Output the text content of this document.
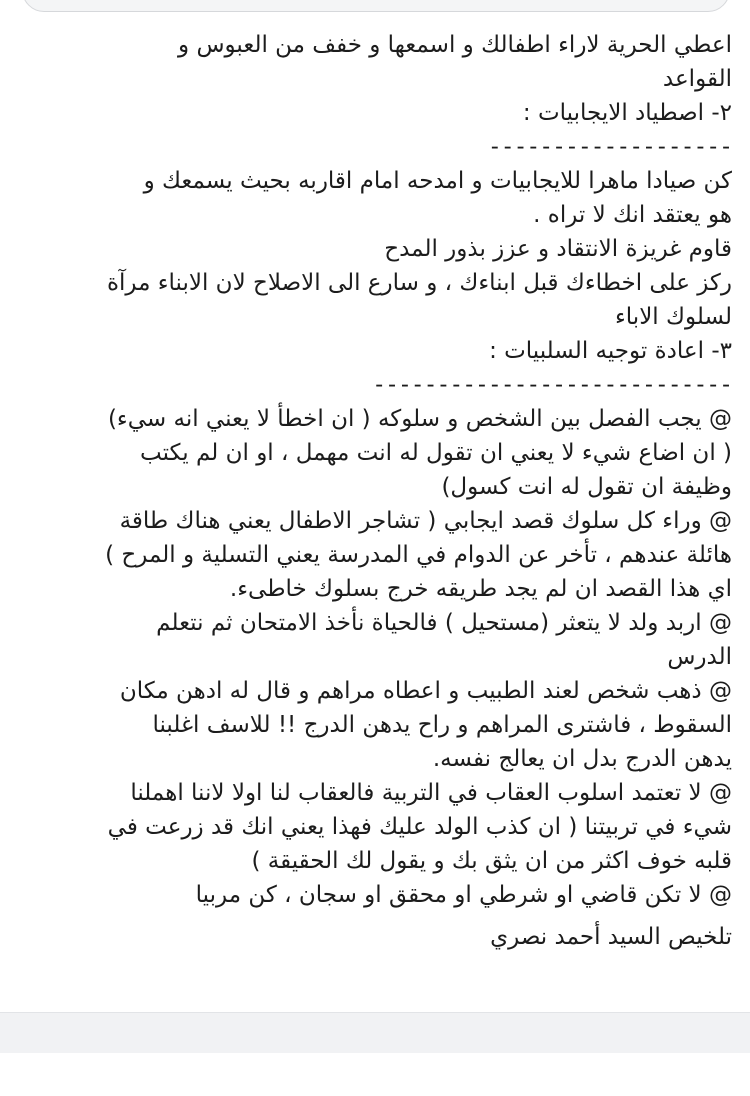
اعطي الحرية لاراء اطفالك و اسمعها و خفف من العبوس و
القواعد
٢- اصطياد الايجابيات :
-------------------
كن صيادا ماهرا للايجابيات و امدحه امام اقاربه بحيث يسمعك و
هو يعتقد انك لا تراه .
قاوم غريزة الانتقاد و عزز بذور المدح
ركز على اخطاءك قبل ابناءك ، و سارع الى الاصلاح لان الابناء مرآة
لسلوك الاباء
٣- اعادة توجيه السلبيات :
----------------------------
@ يجب الفصل بين الشخص و سلوكه ( ان اخطأ لا يعني انه سيء)
( ان اضاع شيء لا يعني ان تقول له انت مهمل ، او ان لم يكتب
وظيفة ان تقول له انت كسول)
@ وراء كل سلوك قصد ايجابي ( تشاجر الاطفال يعني هناك طاقة
هائلة عندهم ، تأخر عن الدوام في المدرسة يعني التسلية و المرح )
اي هذا القصد ان لم يجد طريقه خرج بسلوك خاطىء.
@ اربد ولد لا يتعثر (مستحيل ) فالحياة نأخذ الامتحان ثم نتعلم
الدرس
@ ذهب شخص لعند الطبيب و اعطاه مراهم و قال له ادهن مكان
السقوط ، فاشترى المراهم و راح يدهن الدرج !! للاسف اغلبنا
يدهن الدرج بدل ان يعالج نفسه.
@ لا تعتمد اسلوب العقاب في التربية فالعقاب لنا اولا لاننا اهملنا
شيء في تربيتنا ( ان كذب الولد عليك فهذا يعني انك قد زرعت في
قلبه خوف اكثر من ان يثق بك و يقول لك الحقيقة )
@ لا تكن قاضي او شرطي او محقق او سجان ، كن مربيا
تلخيص السيد أحمد نصري
